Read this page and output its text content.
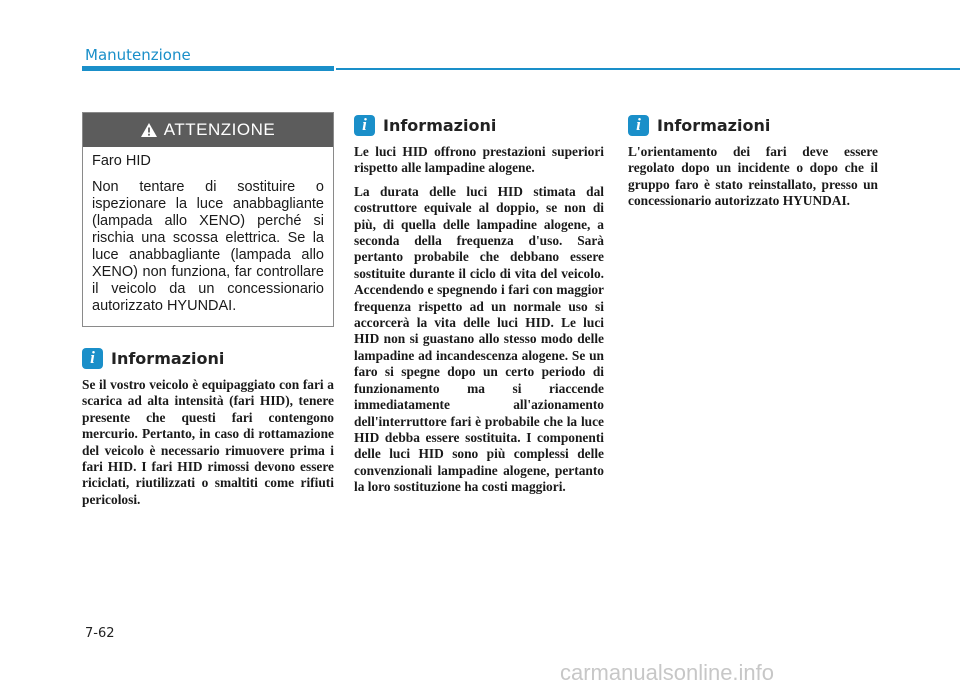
Manutenzione
ATTENZIONE
Faro HID
Non tentare di sostituire o ispezionare la luce anabbagliante (lampada allo XENO) perché si rischia una scossa elettrica. Se la luce anabbagliante (lampada allo XENO) non funziona, far controllare il veicolo da un concessionario autorizzato HYUNDAI.
i	Informazioni

Se il vostro veicolo è equipaggiato con fari a scarica ad alta intensità (fari HID), tenere presente che questi fari contengono mercurio. Pertanto, in caso di rottamazione del veicolo è necessario rimuovere prima i fari HID. I fari HID rimossi devono essere riciclati, riutilizzati o smaltiti come rifiuti pericolosi.

i	Informazioni

Le luci HID offrono prestazioni superiori rispetto alle lampadine alogene.

La durata delle luci HID stimata dal costruttore equivale al doppio, se non di più, di quella delle lampadine alogene, a seconda della frequenza d'uso. Sarà pertanto probabile che debbano essere sostituite durante il ciclo di vita del veicolo. Accendendo e spegnendo i fari con maggior frequenza rispetto ad un normale uso si accorcerà la vita delle luci HID. Le luci HID non si guastano allo stesso modo delle lampadine ad incandescenza alogene. Se un faro si spegne dopo un certo periodo di funzionamento ma si riaccende immediatamente all'azionamento dell'interruttore fari è probabile che la luce HID debba essere sostituita. I componenti delle luci HID sono più complessi delle convenzionali lampadine alogene, pertanto la loro sostituzione ha costi maggiori.

i	Informazioni

L'orientamento dei fari deve essere regolato dopo un incidente o dopo che il gruppo faro è stato reinstallato, presso un concessionario autorizzato HYUNDAI.

7-62
carmanualsonline.info
